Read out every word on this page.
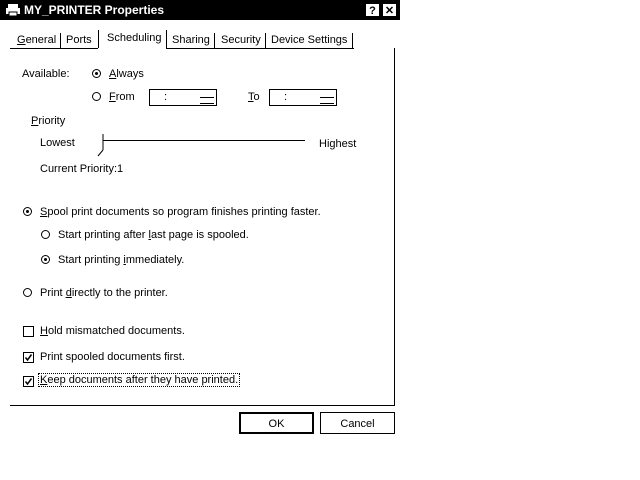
MY_PRINTER Properties	? ✕
General Ports Scheduling Sharing Security Device Settings
Available:	Always
From	:	To :
Priority
Lowest	Highest
Current Priority: 1
Spool print documents so program finishes printing faster.
Start printing after last page is spooled.
Start printing immediately.
Print directly to the printer.
Hold mismatched documents.
Print spooled documents first.
Keep documents after they have printed.
OK	Cancel
